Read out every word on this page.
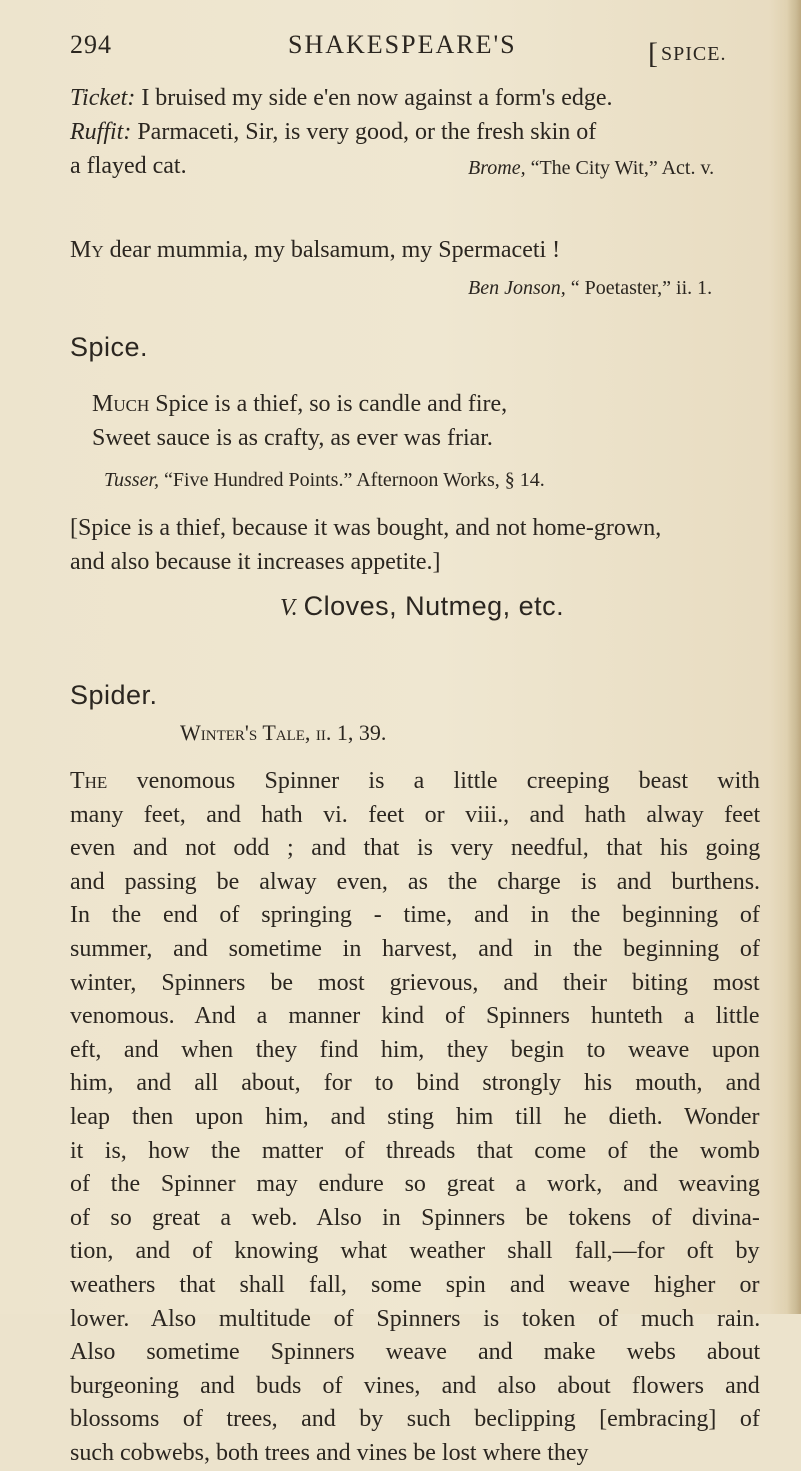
294	SHAKESPEARE'S	[ SPICE.
Ticket: I bruised my side e'en now against a form's edge.
Ruffit: Parmaceti, Sir, is very good, or the fresh skin of
a flayed cat.	Brome, “The City Wit,” Act. v.
My dear mummia, my balsamum, my Spermaceti !
Ben Jonson, “ Poetaster,” ii. 1.
Spice.
Much Spice is a thief, so is candle and fire,
Sweet sauce is as crafty, as ever was friar.
Tusser, “Five Hundred Points.” Afternoon Works, § 14.
[Spice is a thief, because it was bought, and not home-grown,
and also because it increases appetite.]
V. Cloves, Nutmeg, etc.
Spider.
Winter's Tale, ii. 1, 39.
The venomous Spinner is a little creeping beast with
many feet, and hath vi. feet or viii., and hath alway feet
even and not odd ; and that is very needful, that his going
and passing be alway even, as the charge is and burthens.
In the end of springing - time, and in the beginning of
summer, and sometime in harvest, and in the beginning of
winter, Spinners be most grievous, and their biting most
venomous. And a manner kind of Spinners hunteth a little
eft, and when they find him, they begin to weave upon
him, and all about, for to bind strongly his mouth, and
leap then upon him, and sting him till he dieth. Wonder
it is, how the matter of threads that come of the womb
of the Spinner may endure so great a work, and weaving
of so great a web. Also in Spinners be tokens of divina-
tion, and of knowing what weather shall fall,—for oft by
weathers that shall fall, some spin and weave higher or
lower. Also multitude of Spinners is token of much rain.
Also sometime Spinners weave and make webs about
burgeoning and buds of vines, and also about flowers and
blossoms of trees, and by such beclipping [embracing] of
such cobwebs, both trees and vines be lost where they
